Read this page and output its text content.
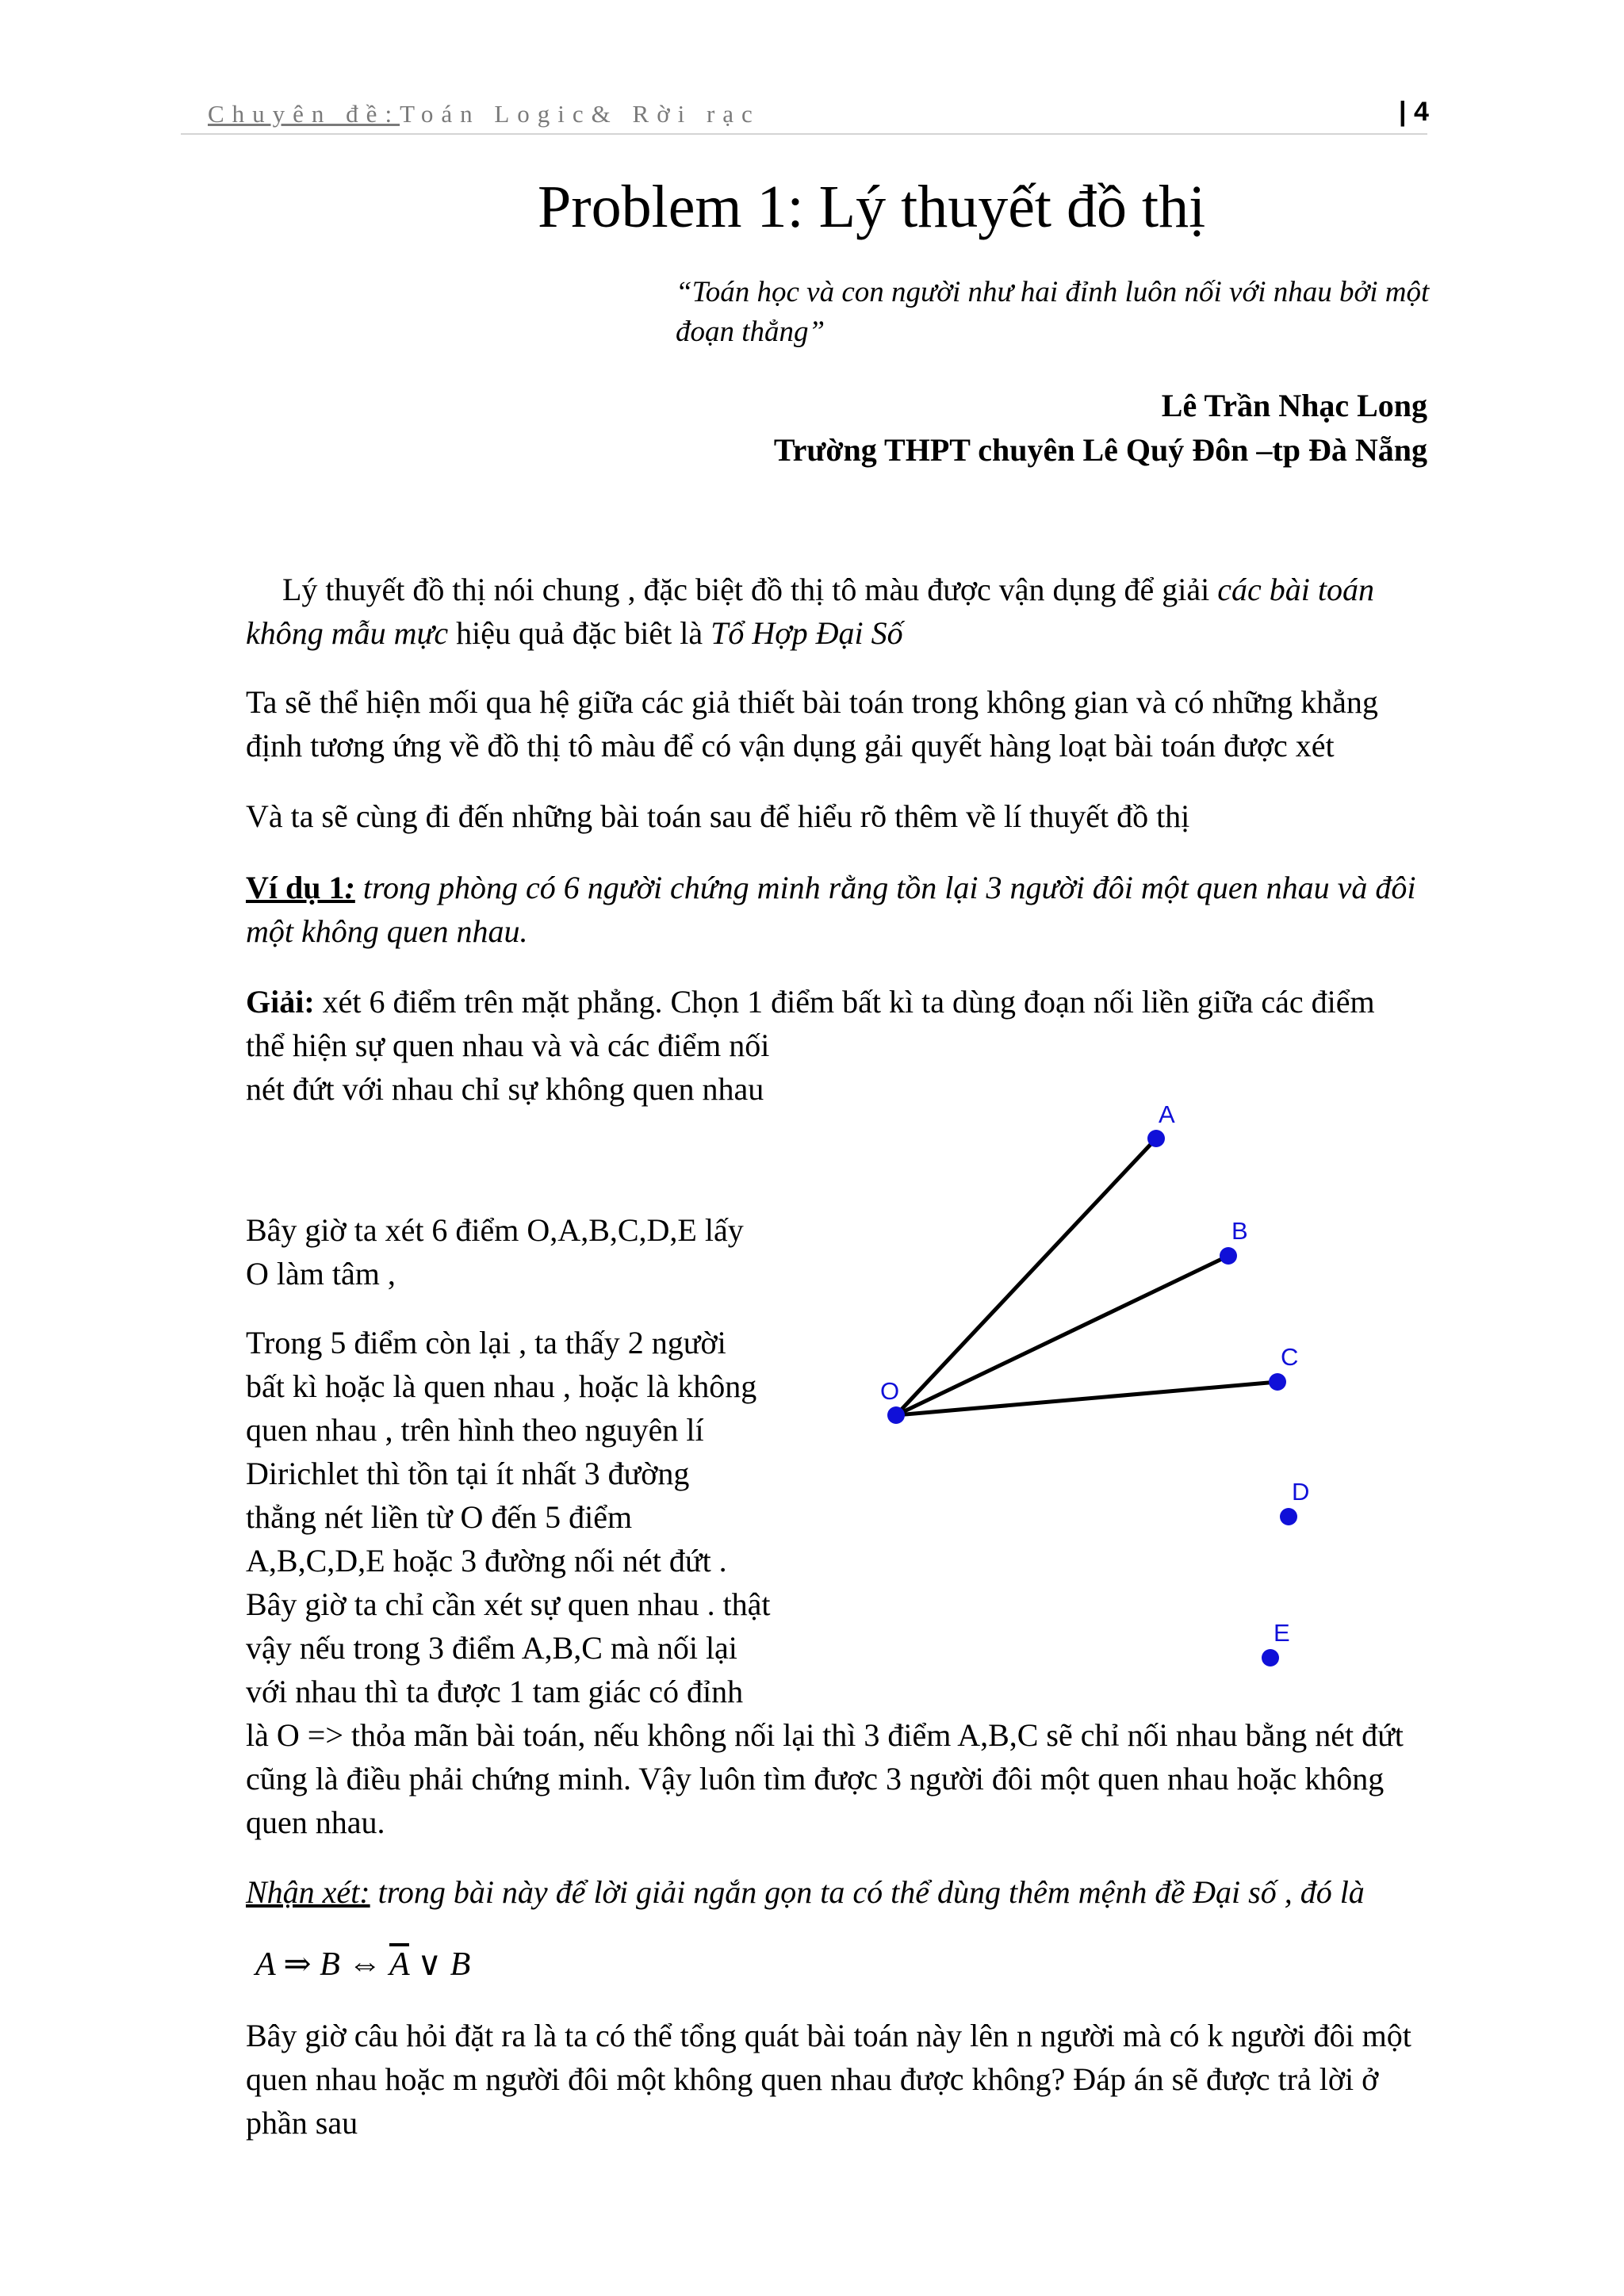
Chuyên đề:Toán Logic& Rời rạc	| 4
Problem 1: Lý thuyết đồ thị
“Toán học và con người như hai đỉnh luôn nối với nhau bởi một đoạn thẳng”
Lê Trần Nhạc Long
Trường THPT chuyên Lê Quý Đôn –tp Đà Nẵng
Lý thuyết đồ thị nói chung , đặc biệt đồ thị tô màu được vận dụng để giải các bài toán không mẫu mực hiệu quả đặc biêt là Tổ Hợp Đại Số
Ta sẽ thể hiện mối qua hệ giữa các giả thiết bài toán trong không gian và có những khẳng định tương ứng về đồ thị tô màu để có vận dụng gải quyết hàng loạt bài toán được xét
Và ta sẽ cùng đi đến những bài toán sau để hiểu rõ thêm về lí thuyết đồ thị
Ví dụ 1: trong phòng có 6 người chứng minh rằng tồn lại 3 người đôi một quen nhau và đôi một không quen nhau.
Giải: xét 6 điểm trên mặt phẳng. Chọn 1 điểm bất kì ta dùng đoạn nối liền giữa các điểm
thể hiện sự quen nhau và và các điểm nối
nét đứt với nhau chỉ sự không quen nhau
Bây giờ ta xét 6 điểm O,A,B,C,D,E lấy
O làm tâm ,
Trong 5 điểm còn lại , ta thấy 2 người
bất kì hoặc là quen nhau , hoặc là không
quen nhau , trên hình theo nguyên lí
Dirichlet thì tồn tại ít nhất 3 đường
thẳng nét liền từ O đến 5 điểm
A,B,C,D,E hoặc 3 đường nối nét đứt .
Bây giờ ta chỉ cần xét sự quen nhau . thật
vậy nếu trong 3 điểm A,B,C mà nối lại
với nhau thì ta được 1 tam giác có đỉnh
là O => thỏa mãn bài toán, nếu không nối lại thì 3 điểm A,B,C sẽ chỉ nối nhau bằng nét đứt cũng là điều phải chứng minh. Vậy luôn tìm được 3 người đôi một quen nhau hoặc không quen nhau.
Nhận xét: trong bài này để lời giải ngắn gọn ta có thể dùng thêm mệnh đề Đại số , đó là
A ⇒ B ⇔ $\overline{A}$ ∨ B
Bây giờ câu hỏi đặt ra là ta có thể tổng quát bài toán này lên n người mà có k người đôi một quen nhau hoặc m người đôi một không quen nhau được không? Đáp án sẽ được trả lời ở phần sau
O
A
B
C
D
E
